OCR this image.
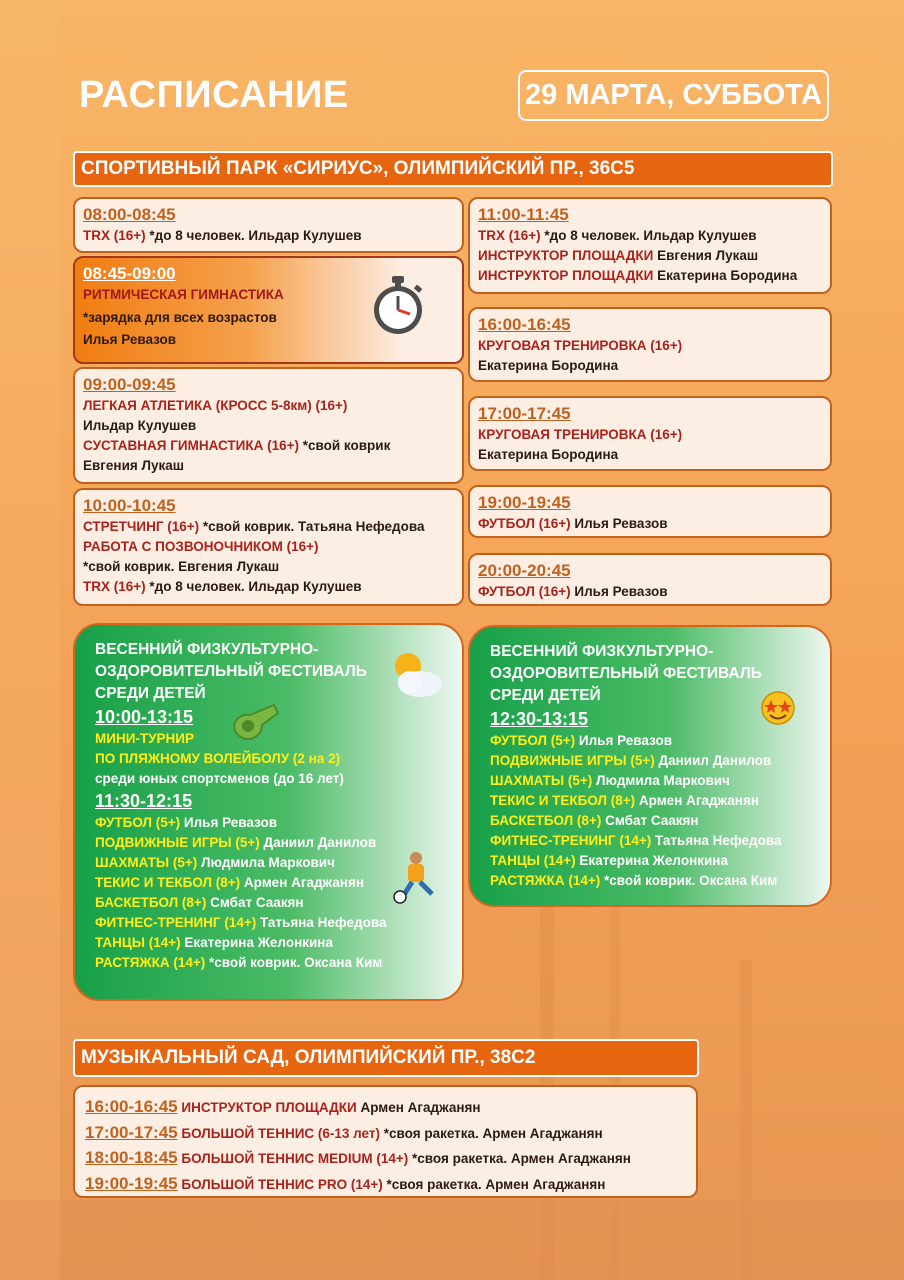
РАСПИСАНИЕ	29 МАРТА, СУББОТА
СПОРТИВНЫЙ ПАРК «СИРИУС», ОЛИМПИЙСКИЙ ПР., 36С5
08:00-08:45
TRX (16+) *до 8 человек. Ильдар Кулушев
08:45-09:00
РИТМИЧЕСКАЯ ГИМНАСТИКА
*зарядка для всех возрастов
Илья Ревазов
09:00-09:45
ЛЕГКАЯ АТЛЕТИКА (КРОСС 5-8км) (16+)
Ильдар Кулушев
СУСТАВНАЯ ГИМНАСТИКА (16+) *свой коврик
Евгения Лукаш
10:00-10:45
СТРЕТЧИНГ (16+) *свой коврик. Татьяна Нефедова
РАБОТА С ПОЗВОНОЧНИКОМ (16+)
*свой коврик. Евгения Лукаш
TRX (16+) *до 8 человек. Ильдар Кулушев
11:00-11:45
TRX (16+) *до 8 человек. Ильдар Кулушев
ИНСТРУКТОР ПЛОЩАДКИ Евгения Лукаш
ИНСТРУКТОР ПЛОЩАДКИ Екатерина Бородина
16:00-16:45
КРУГОВАЯ ТРЕНИРОВКА (16+)
Екатерина Бородина
17:00-17:45
КРУГОВАЯ ТРЕНИРОВКА (16+)
Екатерина Бородина
19:00-19:45
ФУТБОЛ (16+) Илья Ревазов
20:00-20:45
ФУТБОЛ (16+) Илья Ревазов
ВЕСЕННИЙ ФИЗКУЛЬТУРНО-
ОЗДОРОВИТЕЛЬНЫЙ ФЕСТИВАЛЬ
СРЕДИ ДЕТЕЙ
10:00-13:15
МИНИ-ТУРНИР
ПО ПЛЯЖНОМУ ВОЛЕЙБОЛУ (2 на 2)
среди юных спортсменов (до 16 лет)
11:30-12:15
ФУТБОЛ (5+) Илья Ревазов
ПОДВИЖНЫЕ ИГРЫ (5+) Даниил Данилов
ШАХМАТЫ (5+) Людмила Маркович
ТЕКИС И ТЕКБОЛ (8+) Армен Агаджанян
БАСКЕТБОЛ (8+) Смбат Саакян
ФИТНЕС-ТРЕНИНГ (14+) Татьяна Нефедова
ТАНЦЫ (14+) Екатерина Желонкина
РАСТЯЖКА (14+) *свой коврик. Оксана Ким
ВЕСЕННИЙ ФИЗКУЛЬТУРНО-
ОЗДОРОВИТЕЛЬНЫЙ ФЕСТИВАЛЬ
СРЕДИ ДЕТЕЙ
12:30-13:15
ФУТБОЛ (5+) Илья Ревазов
ПОДВИЖНЫЕ ИГРЫ (5+) Даниил Данилов
ШАХМАТЫ (5+) Людмила Маркович
ТЕКИС И ТЕКБОЛ (8+) Армен Агаджанян
БАСКЕТБОЛ (8+) Смбат Саакян
ФИТНЕС-ТРЕНИНГ (14+) Татьяна Нефедова
ТАНЦЫ (14+) Екатерина Желонкина
РАСТЯЖКА (14+) *свой коврик. Оксана Ким
МУЗЫКАЛЬНЫЙ САД, ОЛИМПИЙСКИЙ ПР., 38С2
16:00-16:45 ИНСТРУКТОР ПЛОЩАДКИ Армен Агаджанян
17:00-17:45 БОЛЬШОЙ ТЕННИС (6-13 лет) *своя ракетка. Армен Агаджанян
18:00-18:45 БОЛЬШОЙ ТЕННИС MEDIUM (14+) *своя ракетка. Армен Агаджанян
19:00-19:45 БОЛЬШОЙ ТЕННИС PRO (14+) *своя ракетка. Армен Агаджанян
